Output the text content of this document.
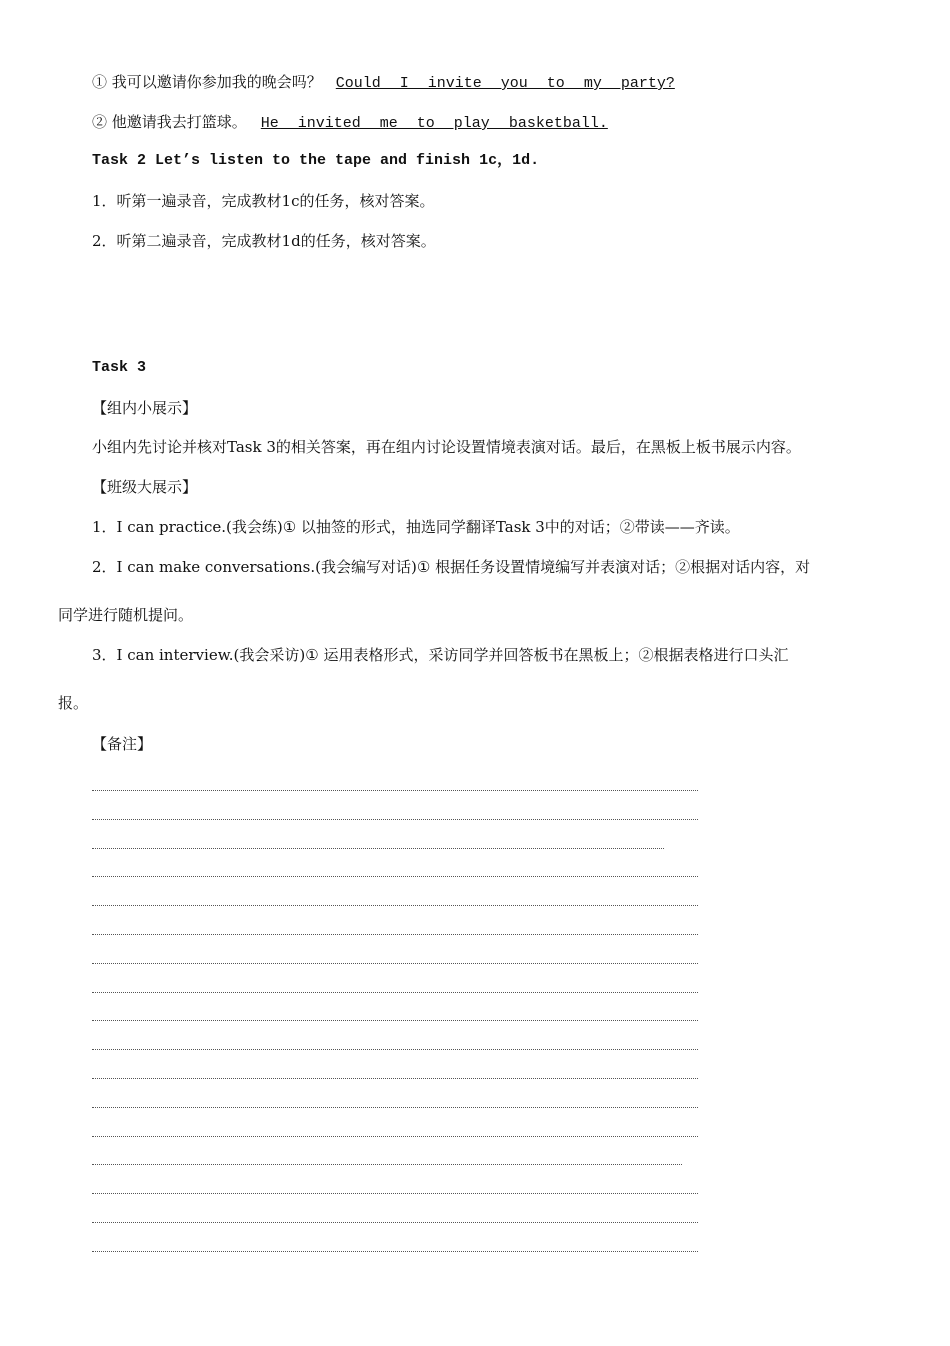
① 我可以邀请你参加我的晚会吗？ Could I invite you to my party?
② 他邀请我去打篮球。 He invited me to play basketball.
Task 2 Let’s listen to the tape and finish 1c，1d.
1．听第一遍录音，完成教材1c的任务，核对答案。
2．听第二遍录音，完成教材1d的任务，核对答案。
Task 3
【组内小展示】
小组内先讨论并核对Task 3的相关答案，再在组内讨论设置情境表演对话。最后，在黑板上板书展示内容。
【班级大展示】
1．I can practice.(我会练)① 以抽签的形式，抽选同学翻译Task 3中的对话；②带读——齐读。
2．I can make conversations.(我会编写对话)① 根据任务设置情境编写并表演对话；②根据对话内容，对
同学进行随机提问。
3．I can interview.(我会采访)① 运用表格形式，采访同学并回答板书在黑板上；②根据表格进行口头汇
报。
【备注】
